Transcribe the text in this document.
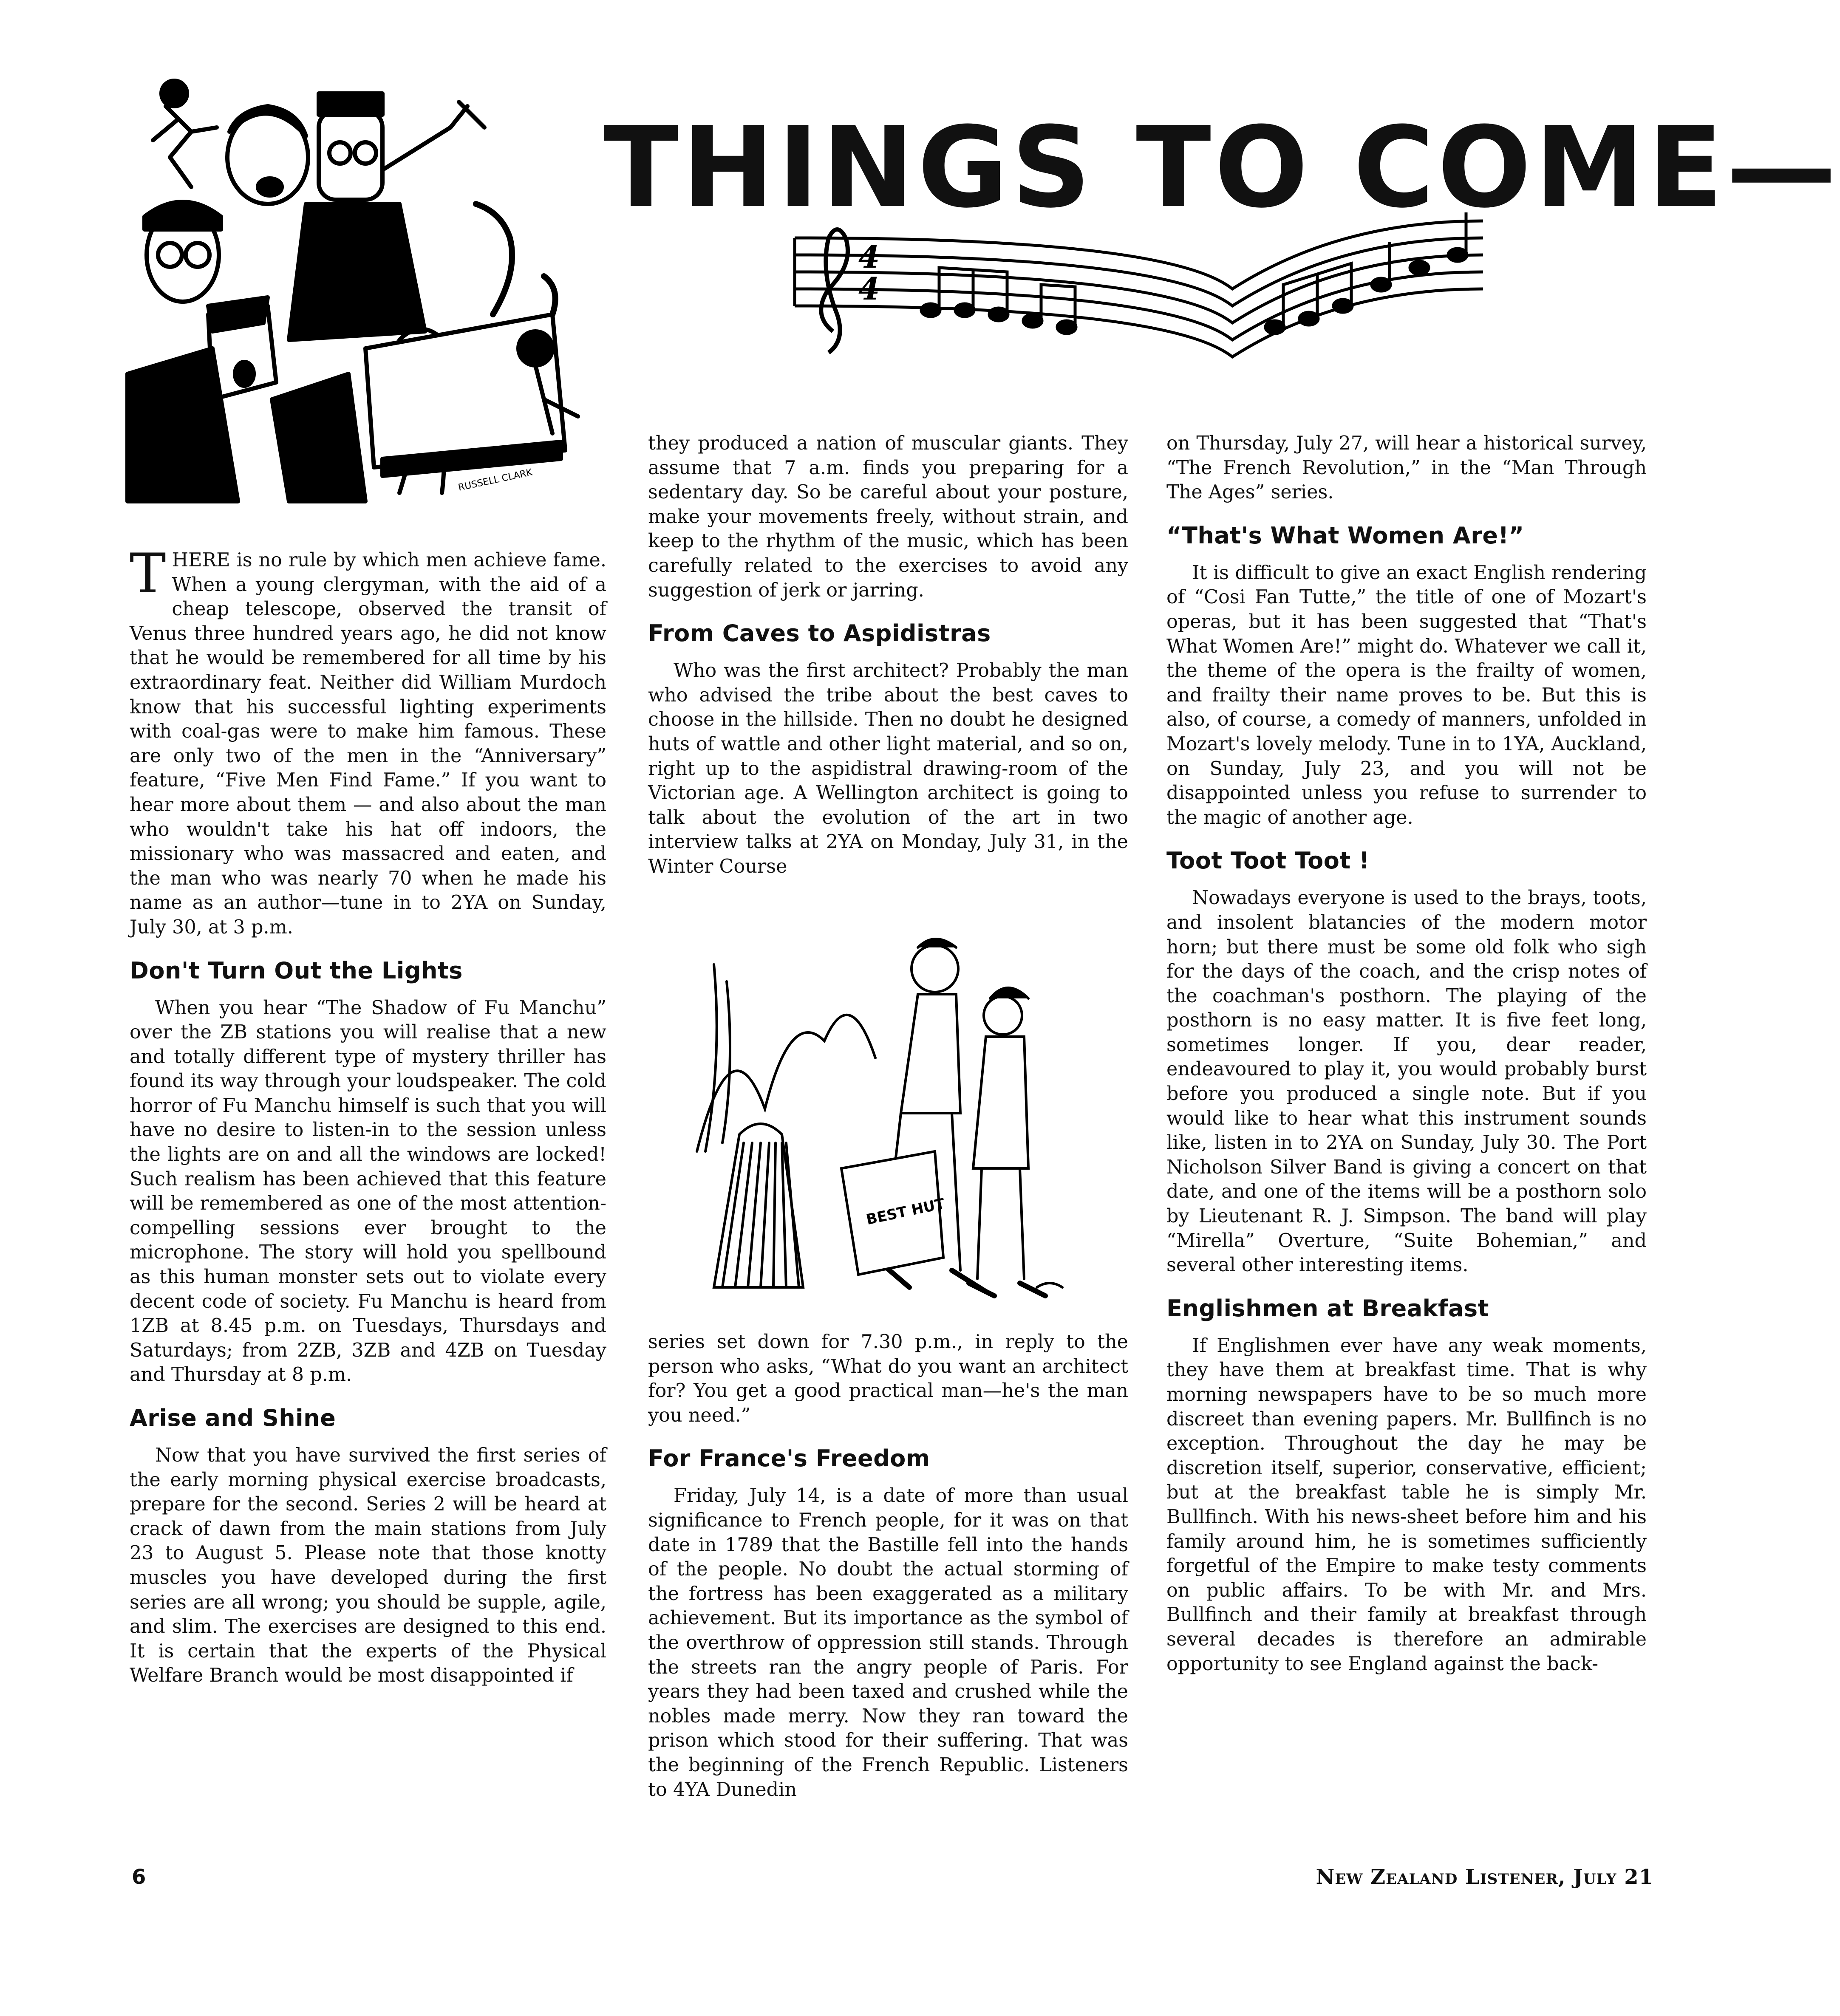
RUSSELL CLARK
THINGS TO COME—
4
4

THERE is no rule by which men achieve fame. When a young clergyman, with the aid of a cheap telescope, observed the transit of Venus three hundred years ago, he did not know that he would be remembered for all time by his extraordinary feat. Neither did William Murdoch know that his successful lighting experiments with coal-gas were to make him famous. These are only two of the men in the “Anniversary” feature, “Five Men Find Fame.” If you want to hear more about them — and also about the man who wouldn't take his hat off indoors, the missionary who was massacred and eaten, and the man who was nearly 70 when he made his name as an author—tune in to 2YA on Sunday, July 30, at 3 p.m.

Don't Turn Out the Lights

When you hear “The Shadow of Fu Manchu” over the ZB stations you will realise that a new and totally different type of mystery thriller has found its way through your loudspeaker. The cold horror of Fu Manchu himself is such that you will have no desire to listen-in to the session unless the lights are on and all the windows are locked! Such realism has been achieved that this feature will be remembered as one of the most attention-compelling sessions ever brought to the microphone. The story will hold you spellbound as this human monster sets out to violate every decent code of society. Fu Manchu is heard from 1ZB at 8.45 p.m. on Tuesdays, Thursdays and Saturdays; from 2ZB, 3ZB and 4ZB on Tuesday and Thursday at 8 p.m.

Arise and Shine

Now that you have survived the first series of the early morning physical exercise broadcasts, prepare for the second. Series 2 will be heard at crack of dawn from the main stations from July 23 to August 5. Please note that those knotty muscles you have developed during the first series are all wrong; you should be supple, agile, and slim. The exercises are designed to this end. It is certain that the experts of the Physical Welfare Branch would be most disappointed if

they produced a nation of muscular giants. They assume that 7 a.m. finds you preparing for a sedentary day. So be careful about your posture, make your movements freely, without strain, and keep to the rhythm of the music, which has been carefully related to the exercises to avoid any suggestion of jerk or jarring.

From Caves to Aspidistras

Who was the first architect? Probably the man who advised the tribe about the best caves to choose in the hillside. Then no doubt he designed huts of wattle and other light material, and so on, right up to the aspidistral drawing-room of the Victorian age. A Wellington architect is going to talk about the evolution of the art in two interview talks at 2YA on Monday, July 31, in the Winter Course

BEST HUT

series set down for 7.30 p.m., in reply to the person who asks, “What do you want an architect for? You get a good practical man—he's the man you need.”

For France's Freedom

Friday, July 14, is a date of more than usual significance to French people, for it was on that date in 1789 that the Bastille fell into the hands of the people. No doubt the actual storming of the fortress has been exaggerated as a military achievement. But its importance as the symbol of the overthrow of oppression still stands. Through the streets ran the angry people of Paris. For years they had been taxed and crushed while the nobles made merry. Now they ran toward the prison which stood for their suffering. That was the beginning of the French Republic. Listeners to 4YA Dunedin

on Thursday, July 27, will hear a historical survey, “The French Revolution,” in the “Man Through The Ages” series.

“That's What Women Are!”

It is difficult to give an exact English rendering of “Cosi Fan Tutte,” the title of one of Mozart's operas, but it has been suggested that “That's What Women Are!” might do. Whatever we call it, the theme of the opera is the frailty of women, and frailty their name proves to be. But this is also, of course, a comedy of manners, unfolded in Mozart's lovely melody. Tune in to 1YA, Auckland, on Sunday, July 23, and you will not be disappointed unless you refuse to surrender to the magic of another age.

Toot Toot Toot !

Nowadays everyone is used to the brays, toots, and insolent blatancies of the modern motor horn; but there must be some old folk who sigh for the days of the coach, and the crisp notes of the coachman's posthorn. The playing of the posthorn is no easy matter. It is five feet long, sometimes longer. If you, dear reader, endeavoured to play it, you would probably burst before you produced a single note. But if you would like to hear what this instrument sounds like, listen in to 2YA on Sunday, July 30. The Port Nicholson Silver Band is giving a concert on that date, and one of the items will be a posthorn solo by Lieutenant R. J. Simpson. The band will play “Mirella” Overture, “Suite Bohemian,” and several other interesting items.

Englishmen at Breakfast

If Englishmen ever have any weak moments, they have them at breakfast time. That is why morning newspapers have to be so much more discreet than evening papers. Mr. Bullfinch is no exception. Throughout the day he may be discretion itself, superior, conservative, efficient; but at the breakfast table he is simply Mr. Bullfinch. With his news-sheet before him and his family around him, he is sometimes sufficiently forgetful of the Empire to make testy comments on public affairs. To be with Mr. and Mrs. Bullfinch and their family at breakfast through several decades is therefore an admirable opportunity to see England against the back-

6	New Zealand Listener, July 21
